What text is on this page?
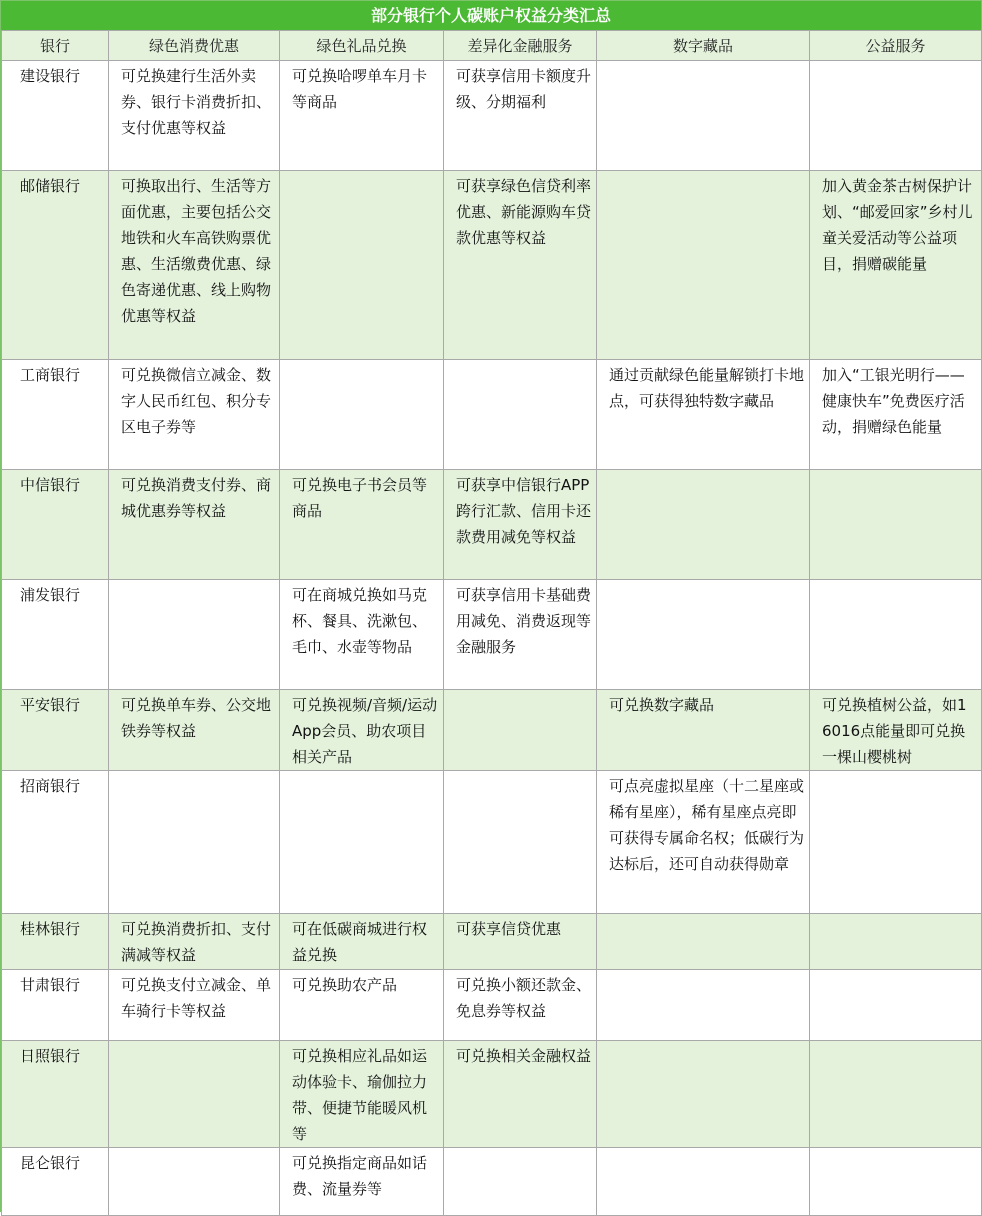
部分银行个人碳账户权益分类汇总
银行	绿色消费优惠	绿色礼品兑换	差异化金融服务	数字藏品	公益服务
建设银行	可兑换建行生活外卖券、银行卡消费折扣、支付优惠等权益	可兑换哈啰单车月卡等商品	可获享信用卡额度升级、分期福利		
邮储银行	可换取出行、生活等方面优惠，主要包括公交地铁和火车高铁购票优惠、生活缴费优惠、绿色寄递优惠、线上购物优惠等权益		可获享绿色信贷利率优惠、新能源购车贷款优惠等权益		加入黄金茶古树保护计划、“邮爱回家”乡村儿童关爱活动等公益项目，捐赠碳能量
工商银行	可兑换微信立减金、数字人民币红包、积分专区电子券等			通过贡献绿色能量解锁打卡地点，可获得独特数字藏品	加入“工银光明行——健康快车”免费医疗活动，捐赠绿色能量
中信银行	可兑换消费支付券、商城优惠券等权益	可兑换电子书会员等商品	可获享中信银行APP跨行汇款、信用卡还款费用减免等权益		
浦发银行		可在商城兑换如马克杯、餐具、洗漱包、毛巾、水壶等物品	可获享信用卡基础费用减免、消费返现等金融服务		
平安银行	可兑换单车券、公交地铁券等权益	可兑换视频/音频/运动App会员、助农项目相关产品		可兑换数字藏品	可兑换植树公益，如16016点能量即可兑换一棵山樱桃树
招商银行				可点亮虚拟星座（十二星座或稀有星座），稀有星座点亮即可获得专属命名权；低碳行为达标后，还可自动获得勋章	
桂林银行	可兑换消费折扣、支付满减等权益	可在低碳商城进行权益兑换	可获享信贷优惠		
甘肃银行	可兑换支付立减金、单车骑行卡等权益	可兑换助农产品	可兑换小额还款金、免息券等权益		
日照银行		可兑换相应礼品如运动体验卡、瑜伽拉力带、便捷节能暖风机等	可兑换相关金融权益		
昆仑银行		可兑换指定商品如话费、流量券等			
